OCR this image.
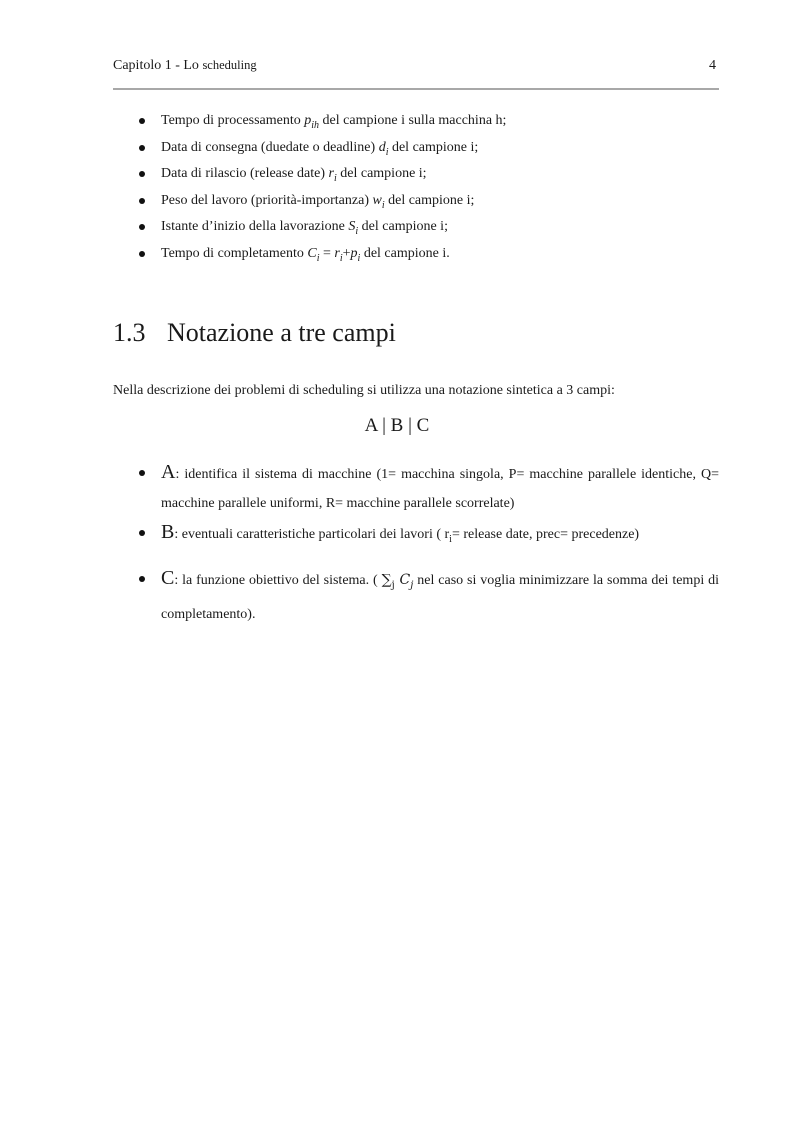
Capitolo 1 - Lo scheduling	4
Tempo di processamento $p_{ih}$ del campione i sulla macchina h;
Data di consegna (duedate o deadline) $d_i$ del campione i;
Data di rilascio (release date) $r_i$ del campione i;
Peso del lavoro (priorità-importanza) $w_i$ del campione i;
Istante d’inizio della lavorazione $S_i$ del campione i;
Tempo di completamento $C_i = r_i+p_i$ del campione i.
1.3 Notazione a tre campi

Nella descrizione dei problemi di scheduling si utilizza una notazione sintetica a 3 campi:

A | B | C
A: identifica il sistema di macchine (1= macchina singola, P= macchine parallele identiche, Q= macchine parallele uniformi, R= macchine parallele scorrelate)
B: eventuali caratteristiche particolari dei lavori ( $r_i=$ release date, prec= precedenze)
C: la funzione obiettivo del sistema. ( $\sum_j$ $C_j$ nel caso si voglia minimizzare la somma dei tempi di completamento).
